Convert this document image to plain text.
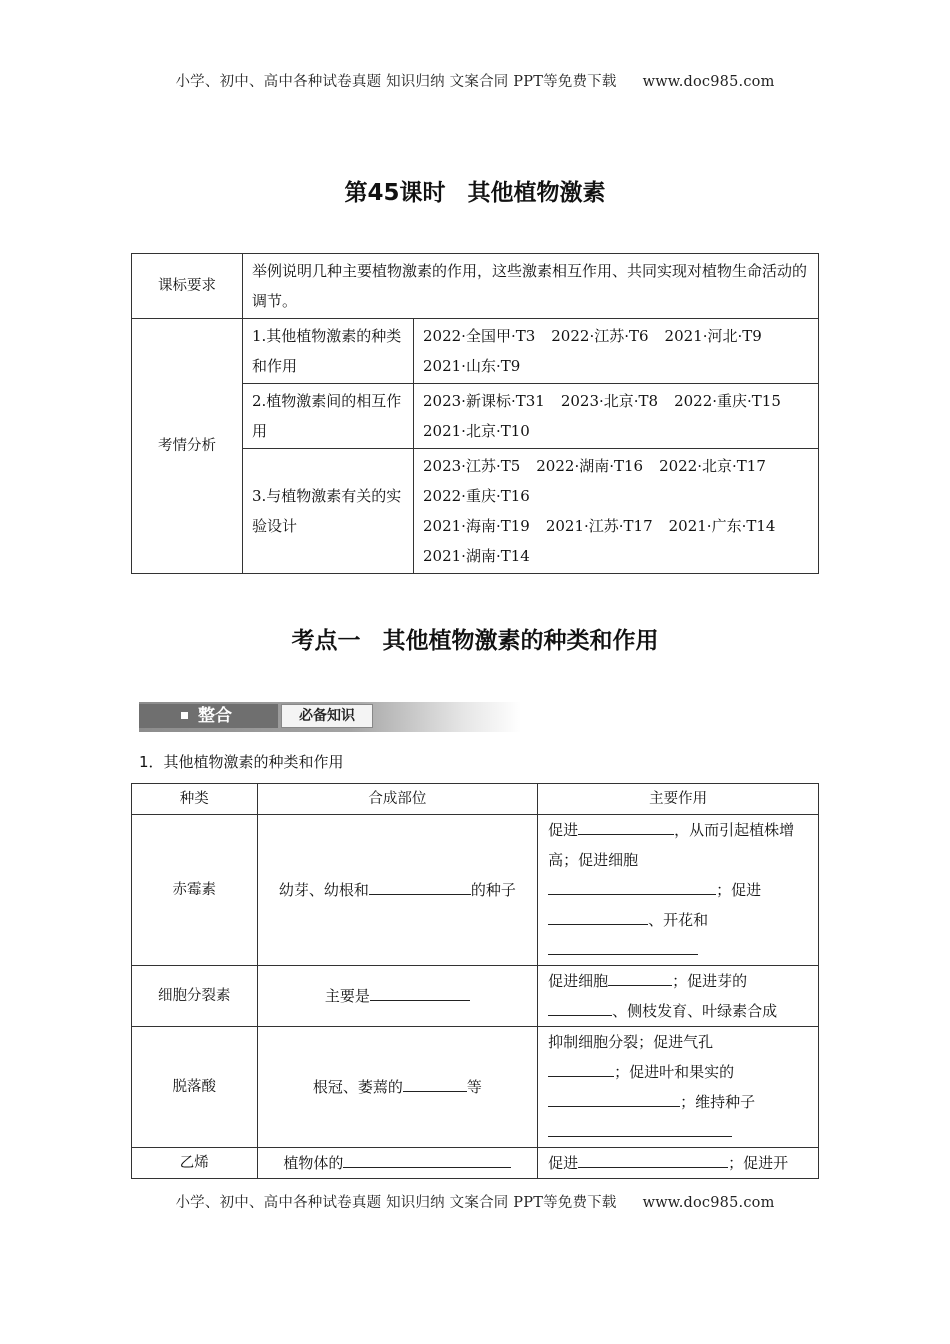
小学、初中、高中各种试卷真题 知识归纳 文案合同 PPT等免费下载 www.doc985.com
第45课时 其他植物激素
课标要求	举例说明几种主要植物激素的作用，这些激素相互作用、共同实现对植物生命活动的调节。	
考情分析	1.其他植物激素的种类和作用	2022·全国甲·T3 2022·江苏·T6 2021·河北·T9
2021·山东·T9

	2.植物激素间的相互作用	2023·新课标·T31 2023·北京·T8 2022·重庆·T15
2021·北京·T10

	3.与植物激素有关的实验设计	2023·江苏·T5 2022·湖南·T16 2022·北京·T17
2022·重庆·T16
2021·海南·T19 2021·江苏·T17 2021·广东·T14
2021·湖南·T14
考点一 其他植物激素的种类和作用
整合	必备知识
1．其他植物激素的种类和作用
种类	合成部位	主要作用
赤霉素	幼芽、幼根和 的种子	促进 ，从而引起植株增高；促进细胞
；促进
、开花和

细胞分裂素	主要是	促进细胞 ；促进芽的
、侧枝发育、叶绿素合成
脱落酸	根冠、萎蔫的 等	抑制细胞分裂；促进气孔
；促进叶和果实的
；维持种子

乙烯	植物体的	促进 ；促进开
小学、初中、高中各种试卷真题 知识归纳 文案合同 PPT等免费下载 www.doc985.com
